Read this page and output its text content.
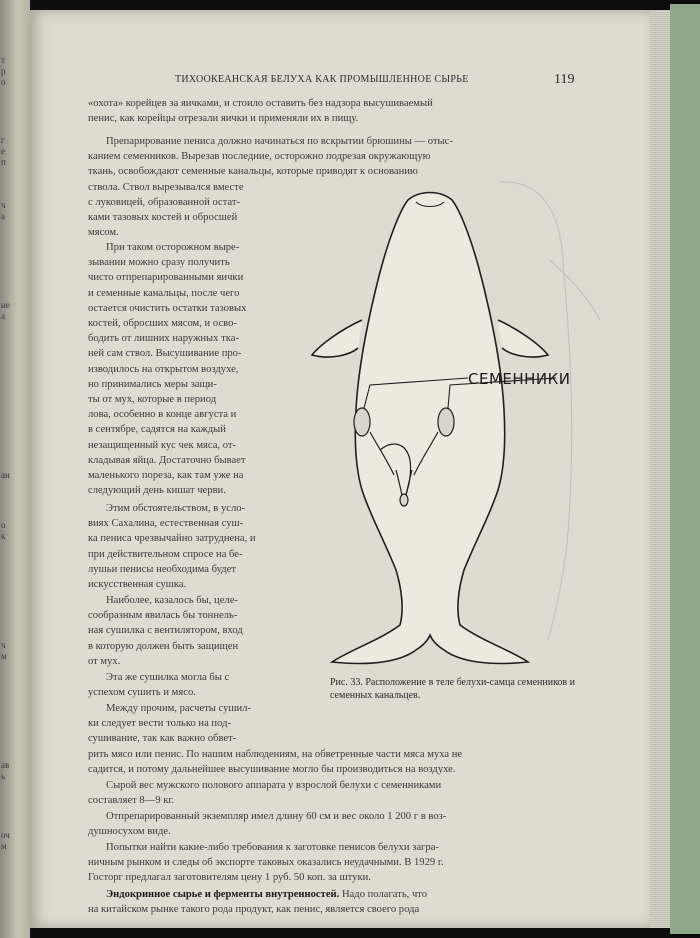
т
р
о
г
е
п
ч
а
ие
а
ан
о
к
ч
м
ав
ь
оч
м
ТИХООКЕАНСКАЯ БЕЛУХА КАК ПРОМЫШЛЕННОЕ СЫРЬЕ	119
«охота» корейцев за яичками, и стоило оставить без надзора высушиваемый
пенис, как корейцы отрезали яички и применяли их в пищу.
Препарирование пениса должно начинаться по вскрытии брюшины — отыс-
канием семенников. Вырезав последние, осторожно подрезая окружающую
ткань, освобождают семенные канальцы, которые приводят к основанию
ствола. Ствол вырезывался вместе
с луковицей, образованной остат-
ками тазовых костей и обросшей
мясом.
При таком осторожном выре-
зывании можно сразу получить
чисто отпрепарированными яички
и семенные канальцы, после чего
остается очистить остатки тазовых
костей, обросших мясом, и осво-
бодить от лишних наружных тка-
ней сам ствол. Высушивание про-
изводилось на открытом воздухе,
но принимались меры защи-
ты от мух, которые в период
лова, особенно в конце августа и
в сентябре, садятся на каждый
незащищенный кус чек мяса, от-
кладывая яйца. Достаточно бывает
маленького пореза, как там уже на
следующий день кишат черви.
Этим обстоятельством, в усло-
виях Сахалина, естественная суш-
ка пениса чрезвычайно затруднена, и
при действительном спросе на бе-
лушьи пенисы необходима будет
искусственная сушка.
Наиболее, казалось бы, целе-
сообразным явилась бы тоннель-
ная сушилка с вентилятором, вход
в которую должен быть защищен
от мух.
Эта же сушилка могла бы с
успехом сушить и мясо.
Между прочим, расчеты сушил-
ки следует вести только на под-
сушивание, так как важно обвет-
рить мясо или пенис. По нашим наблюдениям, на обветренные части мяса муха не
садится, и потому дальнейшее высушивание могло бы производиться на воздухе.
Сырой вес мужского полового аппарата у взрослой белухи с семенниками
составляет 8—9 кг.
Отпрепарированный экземпляр имел длину 60 см и вес около 1 200 г в воз-
душносухом виде.
Попытки найти какие-либо требования к заготовке пенисов белухи загра-
ничным рынком и следы об экспорте таковых оказались неудачными. В 1929 г.
Госторг предлагал заготовителям цену 1 руб. 50 коп. за штуки.
Эндокринное сырье и ферменты внутренностей. Надо полагать, что
на китайском рынке такого рода продукт, как пенис, является своего рода
СЕМЕННИКИ
Рис. 33. Расположение в теле белухи-самца семенников и семенных канальцев.
